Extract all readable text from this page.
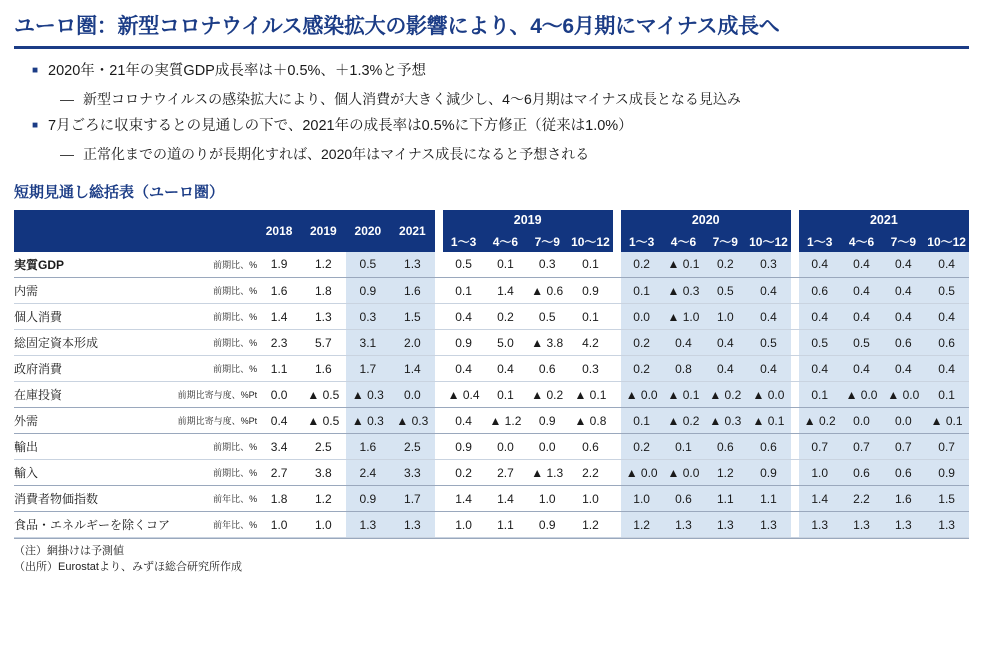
ユーロ圏：新型コロナウイルス感染拡大の影響により、4～6月期にマイナス成長へ
■ 2020年・21年の実質GDP成長率は＋0.5%、＋1.3%と予想
― 新型コロナウイルスの感染拡大により、個人消費が大きく減少し、4～6月期はマイナス成長となる見込み
■ 7月ごろに収束するとの見通しの下で、2021年の成長率は0.5%に下方修正（従来は1.0%）
― 正常化までの道のりが長期化すれば、2020年はマイナス成長になると予想される
短期見通し総括表（ユーロ圏）
		2018	2019	2020	2021		2019					2020					2021			
							1～3	4～6	7～9	10～12		1～3	4～6	7～9	10～12		1～3	4～6	7～9	10～12
実質GDP	前期比、%	1.9	1.2	0.5	1.3		0.5	0.1	0.3	0.1		0.2	▲ 0.1	0.2	0.3		0.4	0.4	0.4	0.4
内需	前期比、%	1.6	1.8	0.9	1.6		0.1	1.4	▲ 0.6	0.9		0.1	▲ 0.3	0.5	0.4		0.6	0.4	0.4	0.5
個人消費	前期比、%	1.4	1.3	0.3	1.5		0.4	0.2	0.5	0.1		0.0	▲ 1.0	1.0	0.4		0.4	0.4	0.4	0.4
総固定資本形成	前期比、%	2.3	5.7	3.1	2.0		0.9	5.0	▲ 3.8	4.2		0.2	0.4	0.4	0.5		0.5	0.5	0.6	0.6
政府消費	前期比、%	1.1	1.6	1.7	1.4		0.4	0.4	0.6	0.3		0.2	0.8	0.4	0.4		0.4	0.4	0.4	0.4
在庫投資	前期比寄与度、%Pt	0.0	▲ 0.5	▲ 0.3	0.0		▲ 0.4	0.1	▲ 0.2	▲ 0.1		▲ 0.0	▲ 0.1	▲ 0.2	▲ 0.0		0.1	▲ 0.0	▲ 0.0	0.1
外需	前期比寄与度、%Pt	0.4	▲ 0.5	▲ 0.3	▲ 0.3		0.4	▲ 1.2	0.9	▲ 0.8		0.1	▲ 0.2	▲ 0.3	▲ 0.1		▲ 0.2	0.0	0.0	▲ 0.1
輸出	前期比、%	3.4	2.5	1.6	2.5		0.9	0.0	0.0	0.6		0.2	0.1	0.6	0.6		0.7	0.7	0.7	0.7
輸入	前期比、%	2.7	3.8	2.4	3.3		0.2	2.7	▲ 1.3	2.2		▲ 0.0	▲ 0.0	1.2	0.9		1.0	0.6	0.6	0.9
消費者物価指数	前年比、%	1.8	1.2	0.9	1.7		1.4	1.4	1.0	1.0		1.0	0.6	1.1	1.1		1.4	2.2	1.6	1.5
食品・エネルギーを除くコア	前年比、%	1.0	1.0	1.3	1.3		1.0	1.1	0.9	1.2		1.2	1.3	1.3	1.3		1.3	1.3	1.3	1.3
（注）網掛けは予測値
（出所）Eurostatより、みずほ総合研究所作成
